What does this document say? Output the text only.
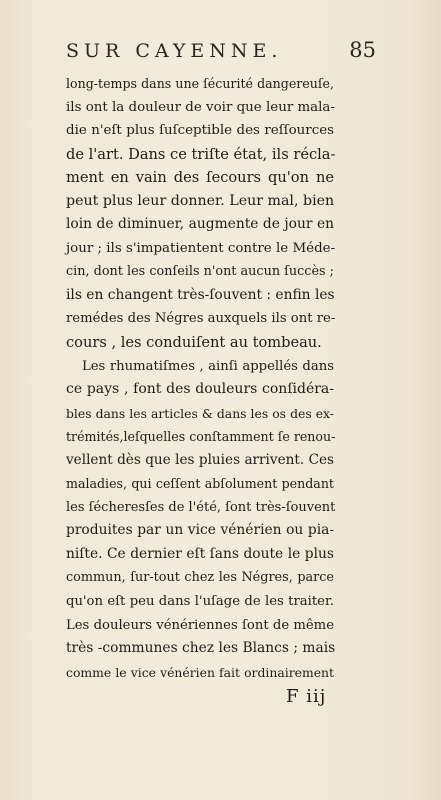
SUR CAYENNE.	85
long-temps dans une ſécurité dangereuſe,
ils ont la douleur de voir que leur mala-
die n'eſt plus ſuſceptible des reſſources
de l'art. Dans ce triſte état, ils récla-
ment en vain des ſecours qu'on ne
peut plus leur donner. Leur mal, bien
loin de diminuer, augmente de jour en
jour ; ils s'impatientent contre le Méde-
cin, dont les conſeils n'ont aucun ſuccès ;
ils en changent très-ſouvent : enfin les
remédes des Négres auxquels ils ont re-
cours , les conduiſent au tombeau.
Les rhumatiſmes , ainſi appellés dans
ce pays , font des douleurs conſidéra-
bles dans les articles & dans les os des ex-
trémités,leſquelles conſtamment ſe renou-
vellent dès que les pluies arrivent. Ces
maladies, qui ceſſent abſolument pendant
les ſécheresſes de l'été, ſont très-ſouvent
produites par un vice vénérien ou pia-
niſte. Ce dernier eſt ſans doute le plus
commun, ſur-tout chez les Négres, parce
qu'on eſt peu dans l'uſage de les traiter.
Les douleurs vénériennes ſont de même
très -communes chez les Blancs ; mais
comme le vice vénérien fait ordinairement
F iij
